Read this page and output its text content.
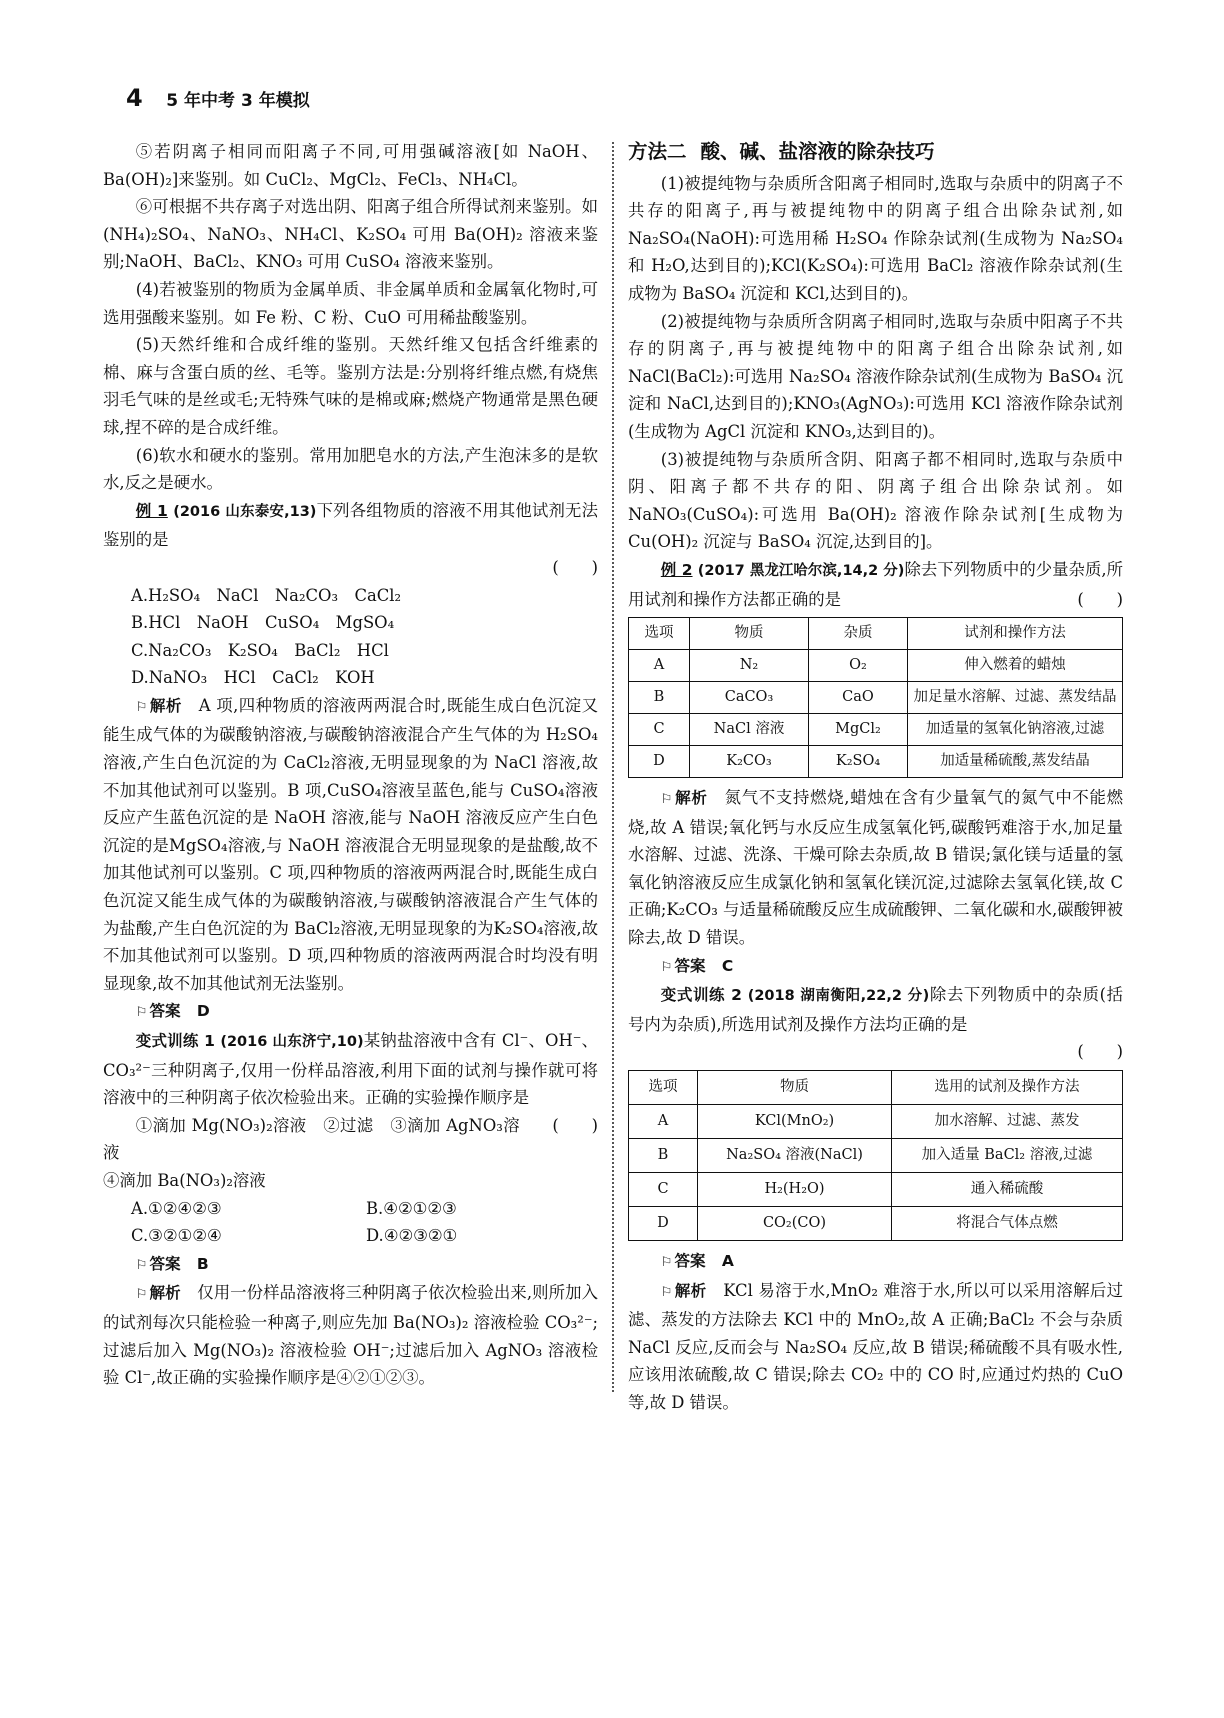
4 5 年中考 3 年模拟

⑤若阴离子相同而阳离子不同,可用强碱溶液[如 NaOH、Ba(OH)₂]来鉴别。如 CuCl₂、MgCl₂、FeCl₃、NH₄Cl。

⑥可根据不共存离子对选出阴、阳离子组合所得试剂来鉴别。如(NH₄)₂SO₄、NaNO₃、NH₄Cl、K₂SO₄ 可用 Ba(OH)₂ 溶液来鉴别;NaOH、BaCl₂、KNO₃ 可用 CuSO₄ 溶液来鉴别。

(4)若被鉴别的物质为金属单质、非金属单质和金属氧化物时,可选用强酸来鉴别。如 Fe 粉、C 粉、CuO 可用稀盐酸鉴别。

(5)天然纤维和合成纤维的鉴别。天然纤维又包括含纤维素的棉、麻与含蛋白质的丝、毛等。鉴别方法是:分别将纤维点燃,有烧焦羽毛气味的是丝或毛;无特殊气味的是棉或麻;燃烧产物通常是黑色硬球,捏不碎的是合成纤维。

(6)软水和硬水的鉴别。常用加肥皂水的方法,产生泡沫多的是软水,反之是硬水。

例 1 (2016 山东泰安,13)下列各组物质的溶液不用其他试剂无法鉴别的是

(　　)

A.H₂SO₄　NaCl　Na₂CO₃　CaCl₂

B.HCl　NaOH　CuSO₄　MgSO₄

C.Na₂CO₃　K₂SO₄　BaCl₂　HCl

D.NaNO₃　HCl　CaCl₂　KOH

⚐ 解析　 A 项,四种物质的溶液两两混合时,既能生成白色沉淀又能生成气体的为碳酸钠溶液,与碳酸钠溶液混合产生气体的为 H₂SO₄溶液,产生白色沉淀的为 CaCl₂溶液,无明显现象的为 NaCl 溶液,故不加其他试剂可以鉴别。B 项,CuSO₄溶液呈蓝色,能与 CuSO₄溶液反应产生蓝色沉淀的是 NaOH 溶液,能与 NaOH 溶液反应产生白色沉淀的是MgSO₄溶液,与 NaOH 溶液混合无明显现象的是盐酸,故不加其他试剂可以鉴别。C 项,四种物质的溶液两两混合时,既能生成白色沉淀又能生成气体的为碳酸钠溶液,与碳酸钠溶液混合产生气体的为盐酸,产生白色沉淀的为 BaCl₂溶液,无明显现象的为K₂SO₄溶液,故不加其他试剂可以鉴别。D 项,四种物质的溶液两两混合时均没有明显现象,故不加其他试剂无法鉴别。

⚐ 答案　 D

变式训练 1 (2016 山东济宁,10)某钠盐溶液中含有 Cl⁻、OH⁻、CO₃²⁻三种阴离子,仅用一份样品溶液,利用下面的试剂与操作就可将溶液中的三种阴离子依次检验出来。正确的实验操作顺序是
(　　)

①滴加 Mg(NO₃)₂溶液　②过滤　③滴加 AgNO₃溶液

④滴加 Ba(NO₃)₂溶液

A.①②④②③	B.④②①②③
C.③②①②④	D.④②③②①

⚐ 答案　 B

⚐ 解析　 仅用一份样品溶液将三种阴离子依次检验出来,则所加入的试剂每次只能检验一种离子,则应先加 Ba(NO₃)₂ 溶液检验 CO₃²⁻;过滤后加入 Mg(NO₃)₂ 溶液检验 OH⁻;过滤后加入 AgNO₃ 溶液检验 Cl⁻,故正确的实验操作顺序是④②①②③。

方法二 酸、碱、盐溶液的除杂技巧

(1)被提纯物与杂质所含阳离子相同时,选取与杂质中的阴离子不共存的阳离子,再与被提纯物中的阴离子组合出除杂试剂,如 Na₂SO₄(NaOH):可选用稀 H₂SO₄ 作除杂试剂(生成物为 Na₂SO₄ 和 H₂O,达到目的);KCl(K₂SO₄):可选用 BaCl₂ 溶液作除杂试剂(生成物为 BaSO₄ 沉淀和 KCl,达到目的)。

(2)被提纯物与杂质所含阴离子相同时,选取与杂质中阳离子不共存的阴离子,再与被提纯物中的阳离子组合出除杂试剂,如 NaCl(BaCl₂):可选用 Na₂SO₄ 溶液作除杂试剂(生成物为 BaSO₄ 沉淀和 NaCl,达到目的);KNO₃(AgNO₃):可选用 KCl 溶液作除杂试剂(生成物为 AgCl 沉淀和 KNO₃,达到目的)。

(3)被提纯物与杂质所含阴、阳离子都不相同时,选取与杂质中阴、阳离子都不共存的阳、阴离子组合出除杂试剂。如 NaNO₃(CuSO₄):可选用 Ba(OH)₂ 溶液作除杂试剂[生成物为 Cu(OH)₂ 沉淀与 BaSO₄ 沉淀,达到目的]。

例 2 (2017 黑龙江哈尔滨,14,2 分)除去下列物质中的少量杂质,所用试剂和操作方法都正确的是	(　　)

选项	物质	杂质	试剂和操作方法
A	N₂	O₂	伸入燃着的蜡烛
B	CaCO₃	CaO	加足量水溶解、过滤、蒸发结晶
C	NaCl 溶液	MgCl₂	加适量的氢氧化钠溶液,过滤
D	K₂CO₃	K₂SO₄	加适量稀硫酸,蒸发结晶

⚐ 解析　 氮气不支持燃烧,蜡烛在含有少量氧气的氮气中不能燃烧,故 A 错误;氧化钙与水反应生成氢氧化钙,碳酸钙难溶于水,加足量水溶解、过滤、洗涤、干燥可除去杂质,故 B 错误;氯化镁与适量的氢氧化钠溶液反应生成氯化钠和氢氧化镁沉淀,过滤除去氢氧化镁,故 C 正确;K₂CO₃ 与适量稀硫酸反应生成硫酸钾、二氧化碳和水,碳酸钾被除去,故 D 错误。

⚐ 答案　 C

变式训练 2 (2018 湖南衡阳,22,2 分)除去下列物质中的杂质(括号内为杂质),所选用试剂及操作方法均正确的是

(　　)

选项	物质	选用的试剂及操作方法
A	KCl(MnO₂)	加水溶解、过滤、蒸发
B	Na₂SO₄ 溶液(NaCl)	加入适量 BaCl₂ 溶液,过滤
C	H₂(H₂O)	通入稀硫酸
D	CO₂(CO)	将混合气体点燃

⚐ 答案　 A

⚐ 解析　 KCl 易溶于水,MnO₂ 难溶于水,所以可以采用溶解后过滤、蒸发的方法除去 KCl 中的 MnO₂,故 A 正确;BaCl₂ 不会与杂质 NaCl 反应,反而会与 Na₂SO₄ 反应,故 B 错误;稀硫酸不具有吸水性,应该用浓硫酸,故 C 错误;除去 CO₂ 中的 CO 时,应通过灼热的 CuO 等,故 D 错误。
